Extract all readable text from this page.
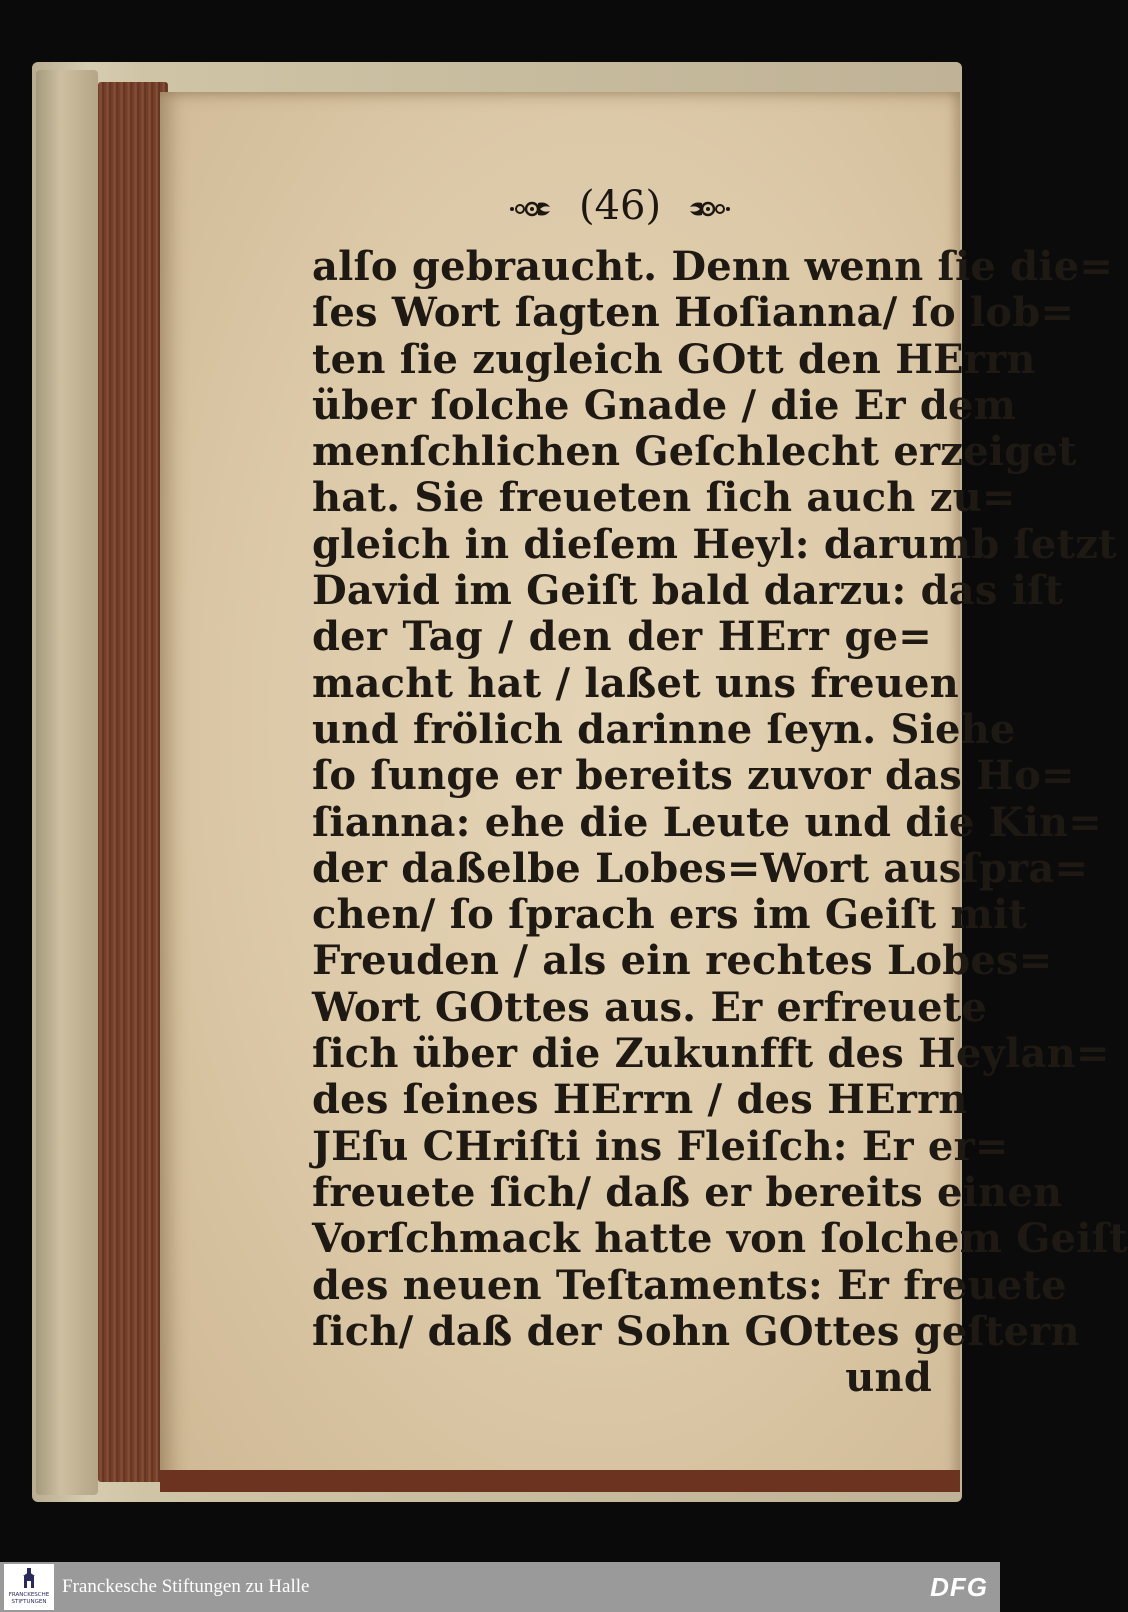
(46)
alſo gebraucht. Denn wenn ſie die=
ſes Wort ſagten Hoſianna/ ſo lob=
ten ſie zugleich GOtt den HErrn
über ſolche Gnade / die Er dem
menſchlichen Geſchlecht erzeiget
hat. Sie freueten ſich auch zu=
gleich in dieſem Heyl: darumb ſetzt
David im Geiſt bald darzu: das iſt
der Tag / den der HErr ge=
macht hat / laßet uns freuen
und frölich darinne ſeyn. Siehe
ſo ſunge er bereits zuvor das Ho=
ſianna: ehe die Leute und die Kin=
der daßelbe Lobes=Wort ausſpra=
chen/ ſo ſprach ers im Geiſt mit
Freuden / als ein rechtes Lobes=
Wort GOttes aus. Er erfreuete
ſich über die Zukunfft des Heylan=
des ſeines HErrn / des HErrn
JEſu CHriſti ins Fleiſch: Er er=
freuete ſich/ daß er bereits einen
Vorſchmack hatte von ſolchem Geiſt
des neuen Teſtaments: Er freuete
ſich/ daß der Sohn GOttes geſtern
und
FRANCKESCHE
STIFTUNGEN
Franckesche Stiftungen zu Halle	DFG
